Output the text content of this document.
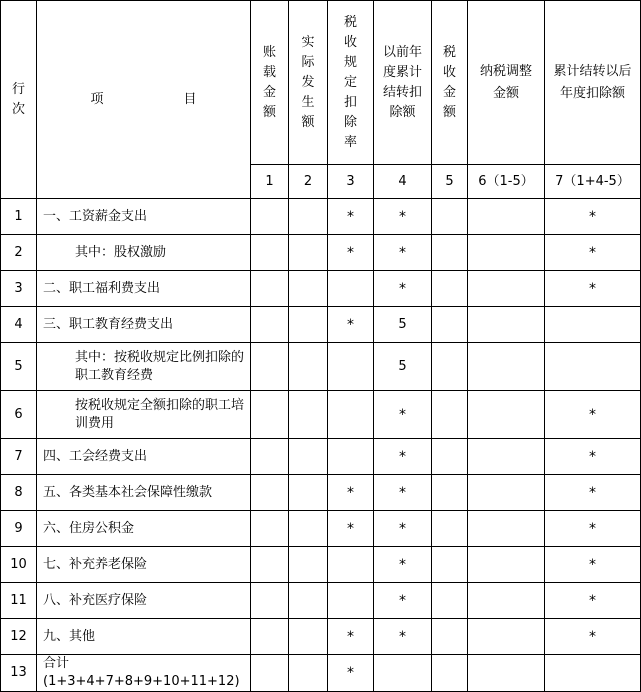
行次	项 目	账载金额	实际发生额	税收规定扣除率	以前年度累计结转扣除额	税收金额	纳税调整金额	累计结转以后年度扣除额

		1	2	3	4	5	6（1-5）	7（1+4-5）
1	一、工资薪金支出			*	*			*
2	其中：股权激励			*	*			*
3	二、职工福利费支出				*			*
4	三、职工教育经费支出			*	5			
5	其中：按税收规定比例扣除的职工教育经费				5			
6	按税收规定全额扣除的职工培训费用				*			*
7	四、工会经费支出				*			*
8	五、各类基本社会保障性缴款			*	*			*
9	六、住房公积金			*	*			*
10	七、补充养老保险				*			*
11	八、补充医疗保险				*			*
12	九、其他			*	*			*
13	合计(1+3+4+7+8+9+10+11+12)			*				
